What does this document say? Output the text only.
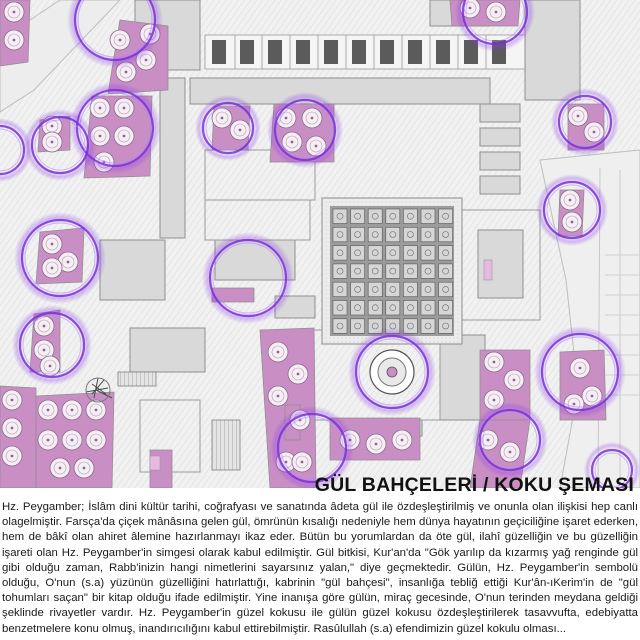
GÜL BAHÇELERİ / KOKU ŞEMASI

Hz. Peygamber; İslâm dini kültür tarihi, coğrafyası ve sanatında âdeta gül ile özdeşleştirilmiş ve onunla olan ilişkisi hep canlı olagelmiştir. Farsça'da çiçek mânâsına gelen gül, ömrünün kısalığı nedeniyle hem dünya hayatının geçiciliğine işaret ederken, hem de bâkî olan ahiret âlemine hazırlanmayı ikaz eder. Bütün bu yorumlardan da öte gül, ilahî güzelliğin ve bu güzelliğin işareti olan Hz. Peygamber'in simgesi olarak kabul edilmiştir. Gül bitkisi, Kur'an'da "Gök yarılıp da kızarmış yağ renginde gül gibi olduğu zaman, Rabb'inizin hangi nimetlerini sayarsınız yalan," diye geçmektedir. Gülün, Hz. Peygamber'in sembolü olduğu, O'nun (s.a) yüzünün güzelliğini hatırlattığı, kabrinin "gül bahçesi", insanlığa tebliğ ettiği Kur'ân-ıKerim'in de "gül tohumları saçan" bir kitap olduğu ifade edilmiştir. Yine inanışa göre gülün, miraç gecesinde, O'nun terinden meydana geldiği şeklinde rivayetler vardır. Hz. Peygamber'in güzel kokusu ile gülün güzel kokusu özdeşleştirilerek tasavvufta, edebiyatta benzetmelere konu olmuş, inandırıcılığını kabul ettirebilmiştir. Rasûlullah (s.a) efendimizin güzel kokulu olması...
